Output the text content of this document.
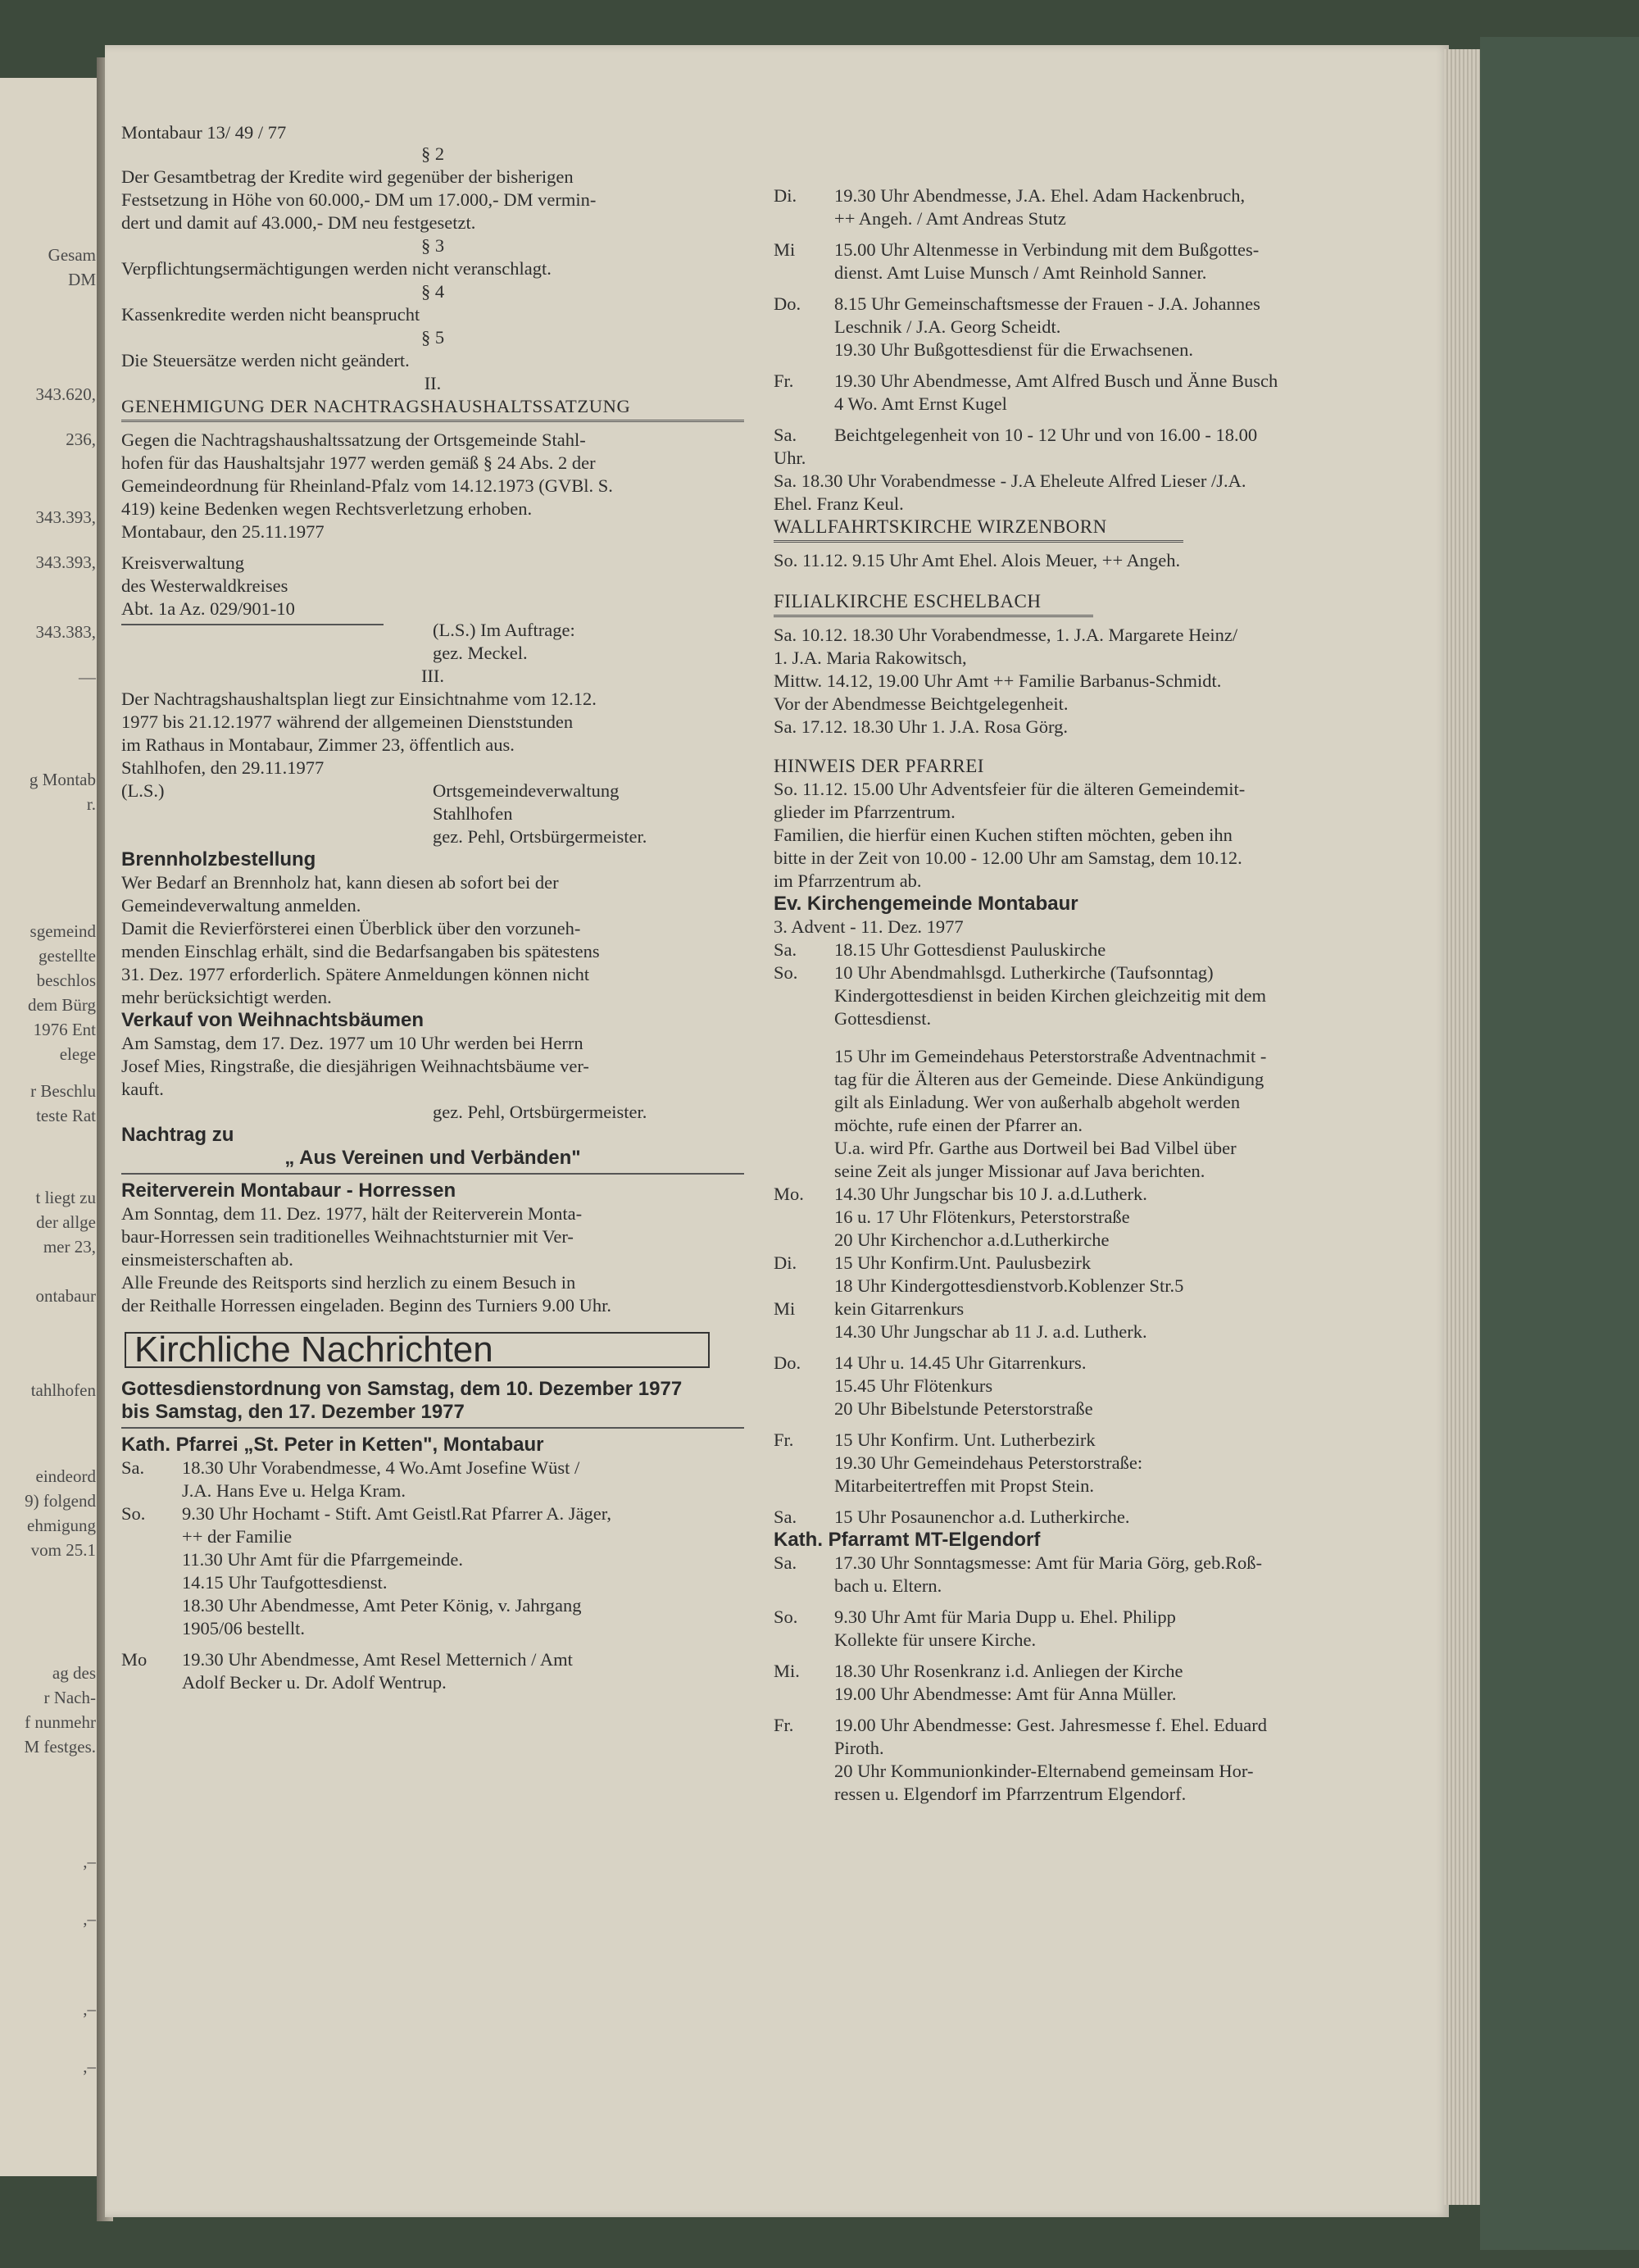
Gesam
DM
343.620,
236,
343.393,
343.393,
343.383,
—
g Montab
r.
sgemeind
gestellte
beschlos
dem Bürg
1976 Ent
elege
r Beschlu
teste Rat
t liegt zu
der allge
mer 23,
ontabaur
tahlhofen
eindeord
9) folgend
ehmigung
vom 25.1
ag des
r Nach-
f nunmehr
M festges.
,–
,–
,–
,–

Montabaur 13/ 49 / 77

§ 2

Der Gesamtbetrag der Kredite wird gegenüber der bisherigen

Festsetzung in Höhe von 60.000,- DM um 17.000,- DM vermin-

dert und damit auf 43.000,- DM neu festgesetzt.

§ 3

Verpflichtungsermächtigungen werden nicht veranschlagt.

§ 4

Kassenkredite werden nicht beansprucht

§ 5

Die Steuersätze werden nicht geändert.

II.

GENEHMIGUNG DER NACHTRAGSHAUSHALTSSATZUNG

Gegen die Nachtragshaushaltssatzung der Ortsgemeinde Stahl-

hofen für das Haushaltsjahr 1977 werden gemäß § 24 Abs. 2 der

Gemeindeordnung für Rheinland-Pfalz vom 14.12.1973 (GVBl. S.

419) keine Bedenken wegen Rechtsverletzung erhoben.

Montabaur, den 25.11.1977

Kreisverwaltung

des Westerwaldkreises

Abt. 1a Az. 029/901-10

(L.S.) Im Auftrage:

gez. Meckel.

III.

Der Nachtragshaushaltsplan liegt zur Einsichtnahme vom 12.12.

1977 bis 21.12.1977 während der allgemeinen Dienststunden

im Rathaus in Montabaur, Zimmer 23, öffentlich aus.

Stahlhofen, den 29.11.1977

(L.S.)	Ortsgemeindeverwaltung

Stahlhofen

gez. Pehl, Ortsbürgermeister.

Brennholzbestellung

Wer Bedarf an Brennholz hat, kann diesen ab sofort bei der

Gemeindeverwaltung anmelden.

Damit die Revierförsterei einen Überblick über den vorzuneh-

menden Einschlag erhält, sind die Bedarfsangaben bis spätestens

31. Dez. 1977 erforderlich. Spätere Anmeldungen können nicht

mehr berücksichtigt werden.

Verkauf von Weihnachtsbäumen

Am Samstag, dem 17. Dez. 1977 um 10 Uhr werden bei Herrn

Josef Mies, Ringstraße, die diesjährigen Weihnachtsbäume ver-

kauft.

gez. Pehl, Ortsbürgermeister.

Nachtrag zu

„ Aus Vereinen und Verbänden"

Reiterverein Montabaur - Horressen

Am Sonntag, dem 11. Dez. 1977, hält der Reiterverein Monta-

baur-Horressen sein traditionelles Weihnachtsturnier mit Ver-

einsmeisterschaften ab.

Alle Freunde des Reitsports sind herzlich zu einem Besuch in

der Reithalle Horressen eingeladen. Beginn des Turniers 9.00 Uhr.

Kirchliche Nachrichten

Gottesdienstordnung von Samstag, dem 10. Dezember 1977

bis Samstag, den 17. Dezember 1977

Kath. Pfarrei „St. Peter in Ketten", Montabaur

Sa.	18.30 Uhr Vorabendmesse, 4 Wo.Amt Josefine Wüst /

J.A. Hans Eve u. Helga Kram.

So.	9.30 Uhr Hochamt - Stift. Amt Geistl.Rat Pfarrer A. Jäger,

++ der Familie

11.30 Uhr Amt für die Pfarrgemeinde.

14.15 Uhr Taufgottesdienst.

18.30 Uhr Abendmesse, Amt Peter König, v. Jahrgang

1905/06 bestellt.

Mo	19.30 Uhr Abendmesse, Amt Resel Metternich / Amt

Adolf Becker u. Dr. Adolf Wentrup.

Di.	19.30 Uhr Abendmesse, J.A. Ehel. Adam Hackenbruch,

++ Angeh. / Amt Andreas Stutz

Mi	15.00 Uhr Altenmesse in Verbindung mit dem Bußgottes-

dienst. Amt Luise Munsch / Amt Reinhold Sanner.

Do.	8.15 Uhr Gemeinschaftsmesse der Frauen - J.A. Johannes

Leschnik / J.A. Georg Scheidt.

19.30 Uhr Bußgottesdienst für die Erwachsenen.

Fr.	19.30 Uhr Abendmesse, Amt Alfred Busch und Änne Busch

4 Wo. Amt Ernst Kugel

Sa.	Beichtgelegenheit von 10 - 12 Uhr und von 16.00 - 18.00

Uhr.

Sa. 18.30 Uhr Vorabendmesse - J.A Eheleute Alfred Lieser /J.A.

Ehel. Franz Keul.

WALLFAHRTSKIRCHE WIRZENBORN

So. 11.12. 9.15 Uhr Amt Ehel. Alois Meuer, ++ Angeh.

FILIALKIRCHE ESCHELBACH

Sa. 10.12. 18.30 Uhr Vorabendmesse, 1. J.A. Margarete Heinz/

1. J.A. Maria Rakowitsch,

Mittw. 14.12, 19.00 Uhr Amt ++ Familie Barbanus-Schmidt.

Vor der Abendmesse Beichtgelegenheit.

Sa. 17.12. 18.30 Uhr 1. J.A. Rosa Görg.

HINWEIS DER PFARREI

So. 11.12. 15.00 Uhr Adventsfeier für die älteren Gemeindemit-

glieder im Pfarrzentrum.

Familien, die hierfür einen Kuchen stiften möchten, geben ihn

bitte in der Zeit von 10.00 - 12.00 Uhr am Samstag, dem 10.12.

im Pfarrzentrum ab.

Ev. Kirchengemeinde Montabaur

3. Advent - 11. Dez. 1977

Sa.	18.15 Uhr Gottesdienst Pauluskirche

So.	10 Uhr Abendmahlsgd. Lutherkirche (Taufsonntag)

Kindergottesdienst in beiden Kirchen gleichzeitig mit dem

Gottesdienst.

15 Uhr im Gemeindehaus Peterstorstraße Adventnachmit -

tag für die Älteren aus der Gemeinde. Diese Ankündigung

gilt als Einladung. Wer von außerhalb abgeholt werden

möchte, rufe einen der Pfarrer an.

U.a. wird Pfr. Garthe aus Dortweil bei Bad Vilbel über

seine Zeit als junger Missionar auf Java berichten.

Mo.	14.30 Uhr Jungschar bis 10 J. a.d.Lutherk.

16 u. 17 Uhr Flötenkurs, Peterstorstraße

20 Uhr Kirchenchor a.d.Lutherkirche

Di.	15 Uhr Konfirm.Unt. Paulusbezirk

18 Uhr Kindergottesdienstvorb.Koblenzer Str.5

Mi	kein Gitarrenkurs

14.30 Uhr Jungschar ab 11 J. a.d. Lutherk.

Do.	14 Uhr u. 14.45 Uhr Gitarrenkurs.

15.45 Uhr Flötenkurs

20 Uhr Bibelstunde Peterstorstraße

Fr.	15 Uhr Konfirm. Unt. Lutherbezirk

19.30 Uhr Gemeindehaus Peterstorstraße:

Mitarbeitertreffen mit Propst Stein.

Sa.	15 Uhr Posaunenchor a.d. Lutherkirche.

Kath. Pfarramt MT-Elgendorf

Sa.	17.30 Uhr Sonntagsmesse: Amt für Maria Görg, geb.Roß-

bach u. Eltern.

So.	9.30 Uhr Amt für Maria Dupp u. Ehel. Philipp

Kollekte für unsere Kirche.

Mi.	18.30 Uhr Rosenkranz i.d. Anliegen der Kirche

19.00 Uhr Abendmesse: Amt für Anna Müller.

Fr.	19.00 Uhr Abendmesse: Gest. Jahresmesse f. Ehel. Eduard

Piroth.

20 Uhr Kommunionkinder-Elternabend gemeinsam Hor-

ressen u. Elgendorf im Pfarrzentrum Elgendorf.
